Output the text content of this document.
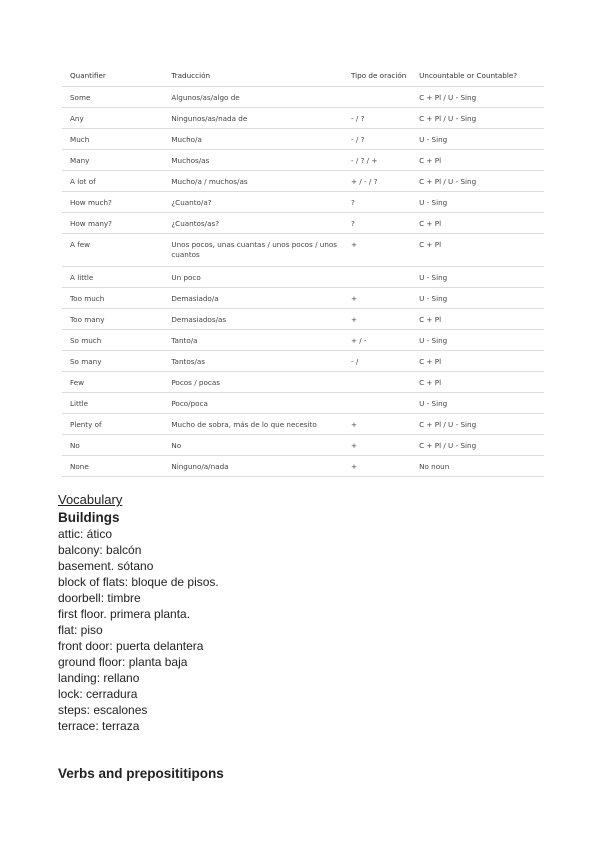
Quantifier	Traducción	Tipo de oración	Uncountable or Countable?
Some	Algunos/as/algo de		C + Pl / U - Sing
Any	Ningunos/as/nada de	- / ?	C + Pl / U - Sing
Much	Mucho/a	- / ?	U - Sing
Many	Muchos/as	- / ? / +	C + Pl
A lot of	Mucho/a / muchos/as	+ / - / ?	C + Pl / U - Sing
How much?	¿Cuanto/a?	?	U - Sing
How many?	¿Cuantos/as?	?	C + Pl
A few	Unos pocos, unas cuantas / unos pocos / unos cuantos	+	C + Pl
A little	Un poco		U - Sing
Too much	Demasiado/a	+	U - Sing
Too many	Demasiados/as	+	C + Pl
So much	Tanto/a	+ / -	U - Sing
So many	Tantos/as	- /	C + Pl
Few	Pocos / pocas		C + Pl
Little	Poco/poca		U - Sing
Plenty of	Mucho de sobra, más de lo que necesito	+	C + Pl / U - Sing
No	No	+	C + Pl / U - Sing
None	Ninguno/a/nada	+	No noun

Vocabulary

Buildings

attic: ático
balcony: balcón
basement. sótano
block of flats: bloque de pisos.
doorbell: timbre
first floor. primera planta.
flat: piso
front door: puerta delantera
ground floor: planta baja
landing: rellano
lock: cerradura
steps: escalones
terrace: terraza

Verbs and preposititipons
